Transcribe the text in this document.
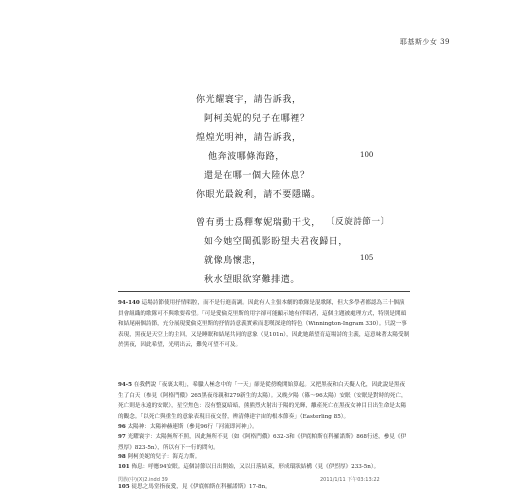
耶基斯少女 39
你光耀寰宇，請告訴我，
阿柯美妮的兒子在哪裡？
煌煌光明神，請告訴我，
他奔波哪條海路，
還是在哪一個大陸休息？
你眼光最銳利，請不要隱瞞。
100
曾有勇士爲釋奪妮瑞動干戈，
如今她空閨孤影盼望夫君夜歸日，
就像鳥懷悲，
秋水望眼欲穿難排遣。
〔反旋詩節一〕
105
94-140 這場詩節使用抒情唱腔，而不是行進南調。因此有人主張本劇的歌隊是混歌隊，但大多學者都認為三十個演員會組織的歌隊可不與歌要希望。「可是愛倫克里斯的用字卻可能顯示她有伴唱者，這個主題被處理方式，特別是開頭和結尾兩個詩節，充分展現愛倫克里斯的抒情詩意義實索而悲嘆深達的特色（Winnington-Ingram 330）。只說一事表現，黑夜是天空上的主回，又是睡眠和結尾共同的意象（見101n），因此她藉望育這場詩的主義，這意味著太陽受制於黑夜，因此希望，光明出云，難免可望不可及。
94-5 在我們說「夜裏太明」，希臘人極念中的「一天」卻是從傍晚開始算起。又把黑夜和白天擬人化，因此說是黑夜生了白天（参見《阿格門儂》265黑夜母親和279新生的太陽）。又晚夕陽（篠～96太陽）安眠（安眠是對時的死亡，死亡則是永遠的安眠），星空焦色：沒有整夏暗暗，熊熊烈火射出于陽的光輝，離產死亡在黑夜女神目日出生命是太陽的觀念。「以死亡與重生的意象表現日夜交替，辨清傳達宇宙的根本節奏」（Easterling 85）。
96 太陽神：太陽神赫連斯（參見96行「河流即河神」）。
97 光耀寰宇：太陽無所不照，因此無所不見（如《阿格門儂》632-3和《伊底帕斯在科羅諾斯》868行述，參見《伊烈厚》823-5n），所以有下一行的問句。
98 阿柯美妮的兒子：海克力斯。
101 佈息：呼應94安眠。這個詩節以日出開始，又以日落結束，形成環狀結構（見《伊烈厚》233-5n）。
105 徒思之馬堂指夜愛，見《伊底帕斯在科羅諾斯》17-8n。
閃族(中)(X)2.indd 39	2011/1/11 下午03:13:22
